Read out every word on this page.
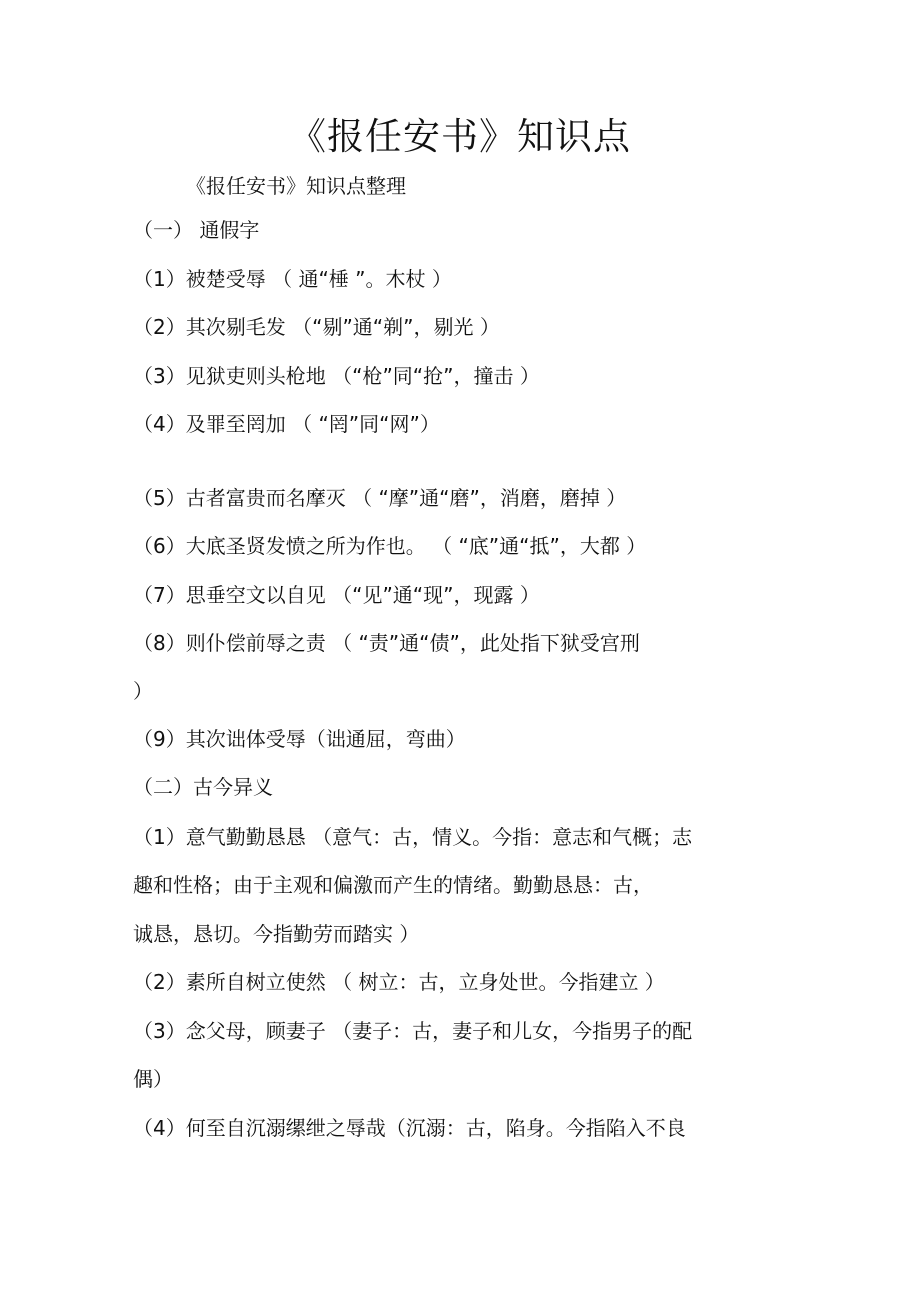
《报任安书》知识点

《报任安书》知识点整理

（一） 通假字

（1）被楚受辱 （ 通“棰 ”。木杖 ）

（2）其次剔毛发 （“剔”通“剃”，剔光 ）

（3）见狱吏则头枪地 （“枪”同“抢”，撞击 ）

（4）及罪至罔加 （ “罔”同“网”）

（5）古者富贵而名摩灭 （ “摩”通“磨”，消磨，磨掉 ）

（6）大底圣贤发愤之所为作也。 （ “底”通“抵”，大都 ）

（7）思垂空文以自见 （“见”通“现”，现露 ）

（8）则仆偿前辱之责 （ “责”通“债”，此处指下狱受宫刑

）

（9）其次诎体受辱（诎通屈，弯曲）

（二）古今异义

（1）意气勤勤恳恳 （意气：古，情义。今指：意志和气概；志

趣和性格；由于主观和偏激而产生的情绪。勤勤恳恳：古，

诚恳，恳切。今指勤劳而踏实 ）

（2）素所自树立使然 （ 树立：古，立身处世。今指建立 ）

（3）念父母，顾妻子 （妻子：古，妻子和儿女，今指男子的配

偶）

（4）何至自沉溺缧绁之辱哉（沉溺：古，陷身。今指陷入不良
